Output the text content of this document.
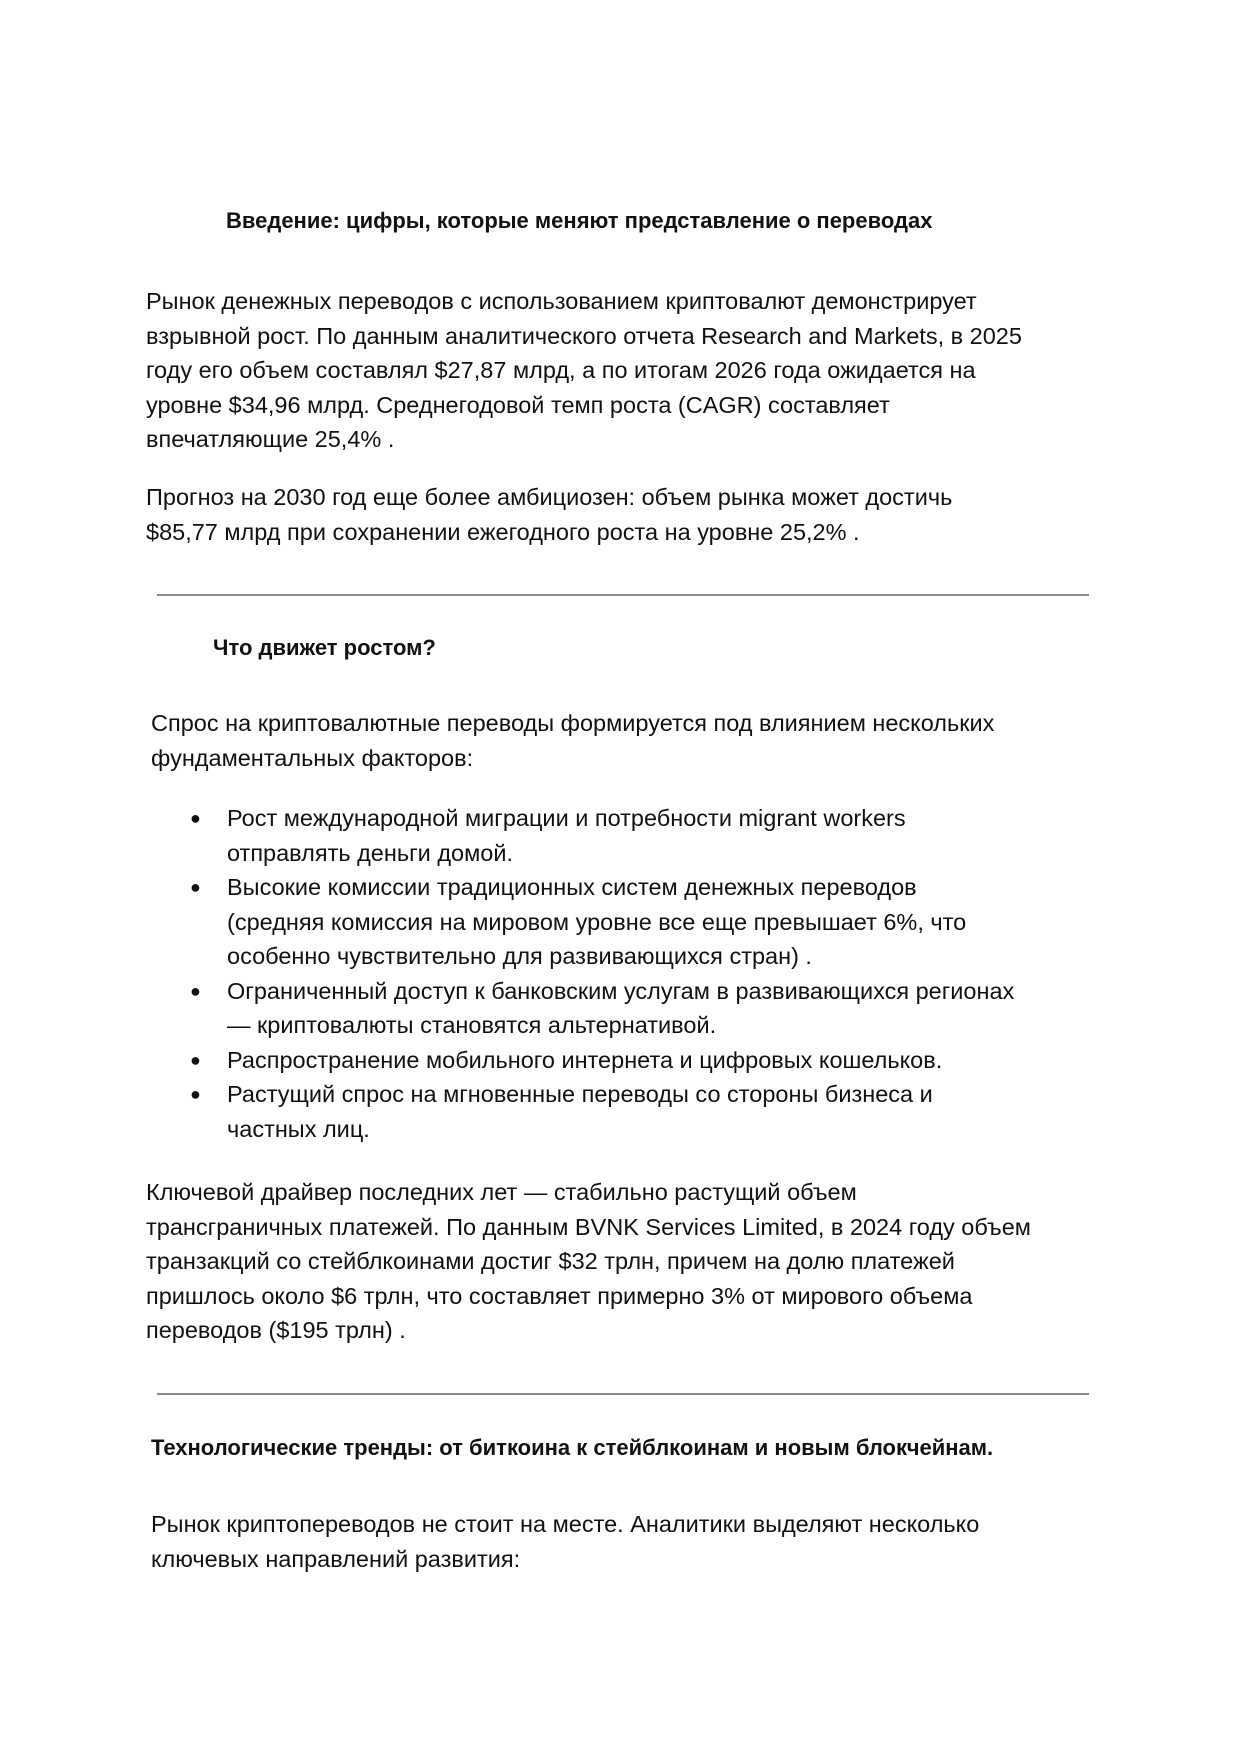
Введение: цифры, которые меняют представление о переводах

Рынок денежных переводов с использованием криптовалют демонстрирует
взрывной рост. По данным аналитического отчета Research and Markets, в 2025
году его объем составлял $27,87 млрд, а по итогам 2026 года ожидается на
уровне $34,96 млрд. Среднегодовой темп роста (CAGR) составляет
впечатляющие 25,4% .

Прогноз на 2030 год еще более амбициозен: объем рынка может достичь
$85,77 млрд при сохранении ежегодного роста на уровне 25,2% .

Что движет ростом?

Спрос на криптовалютные переводы формируется под влиянием нескольких
фундаментальных факторов:

● Рост международной миграции и потребности migrant workers
отправлять деньги домой.
● Высокие комиссии традиционных систем денежных переводов
(средняя комиссия на мировом уровне все еще превышает 6%, что
особенно чувствительно для развивающихся стран) .
● Ограниченный доступ к банковским услугам в развивающихся регионах
— криптовалюты становятся альтернативой.
● Распространение мобильного интернета и цифровых кошельков.
● Растущий спрос на мгновенные переводы со стороны бизнеса и
частных лиц.

Ключевой драйвер последних лет — стабильно растущий объем
трансграничных платежей. По данным BVNK Services Limited, в 2024 году объем
транзакций со стейблкоинами достиг $32 трлн, причем на долю платежей
пришлось около $6 трлн, что составляет примерно 3% от мирового объема
переводов ($195 трлн) .

Технологические тренды: от биткоина к стейблкоинам и новым блокчейнам.

Рынок криптопереводов не стоит на месте. Аналитики выделяют несколько
ключевых направлений развития:
